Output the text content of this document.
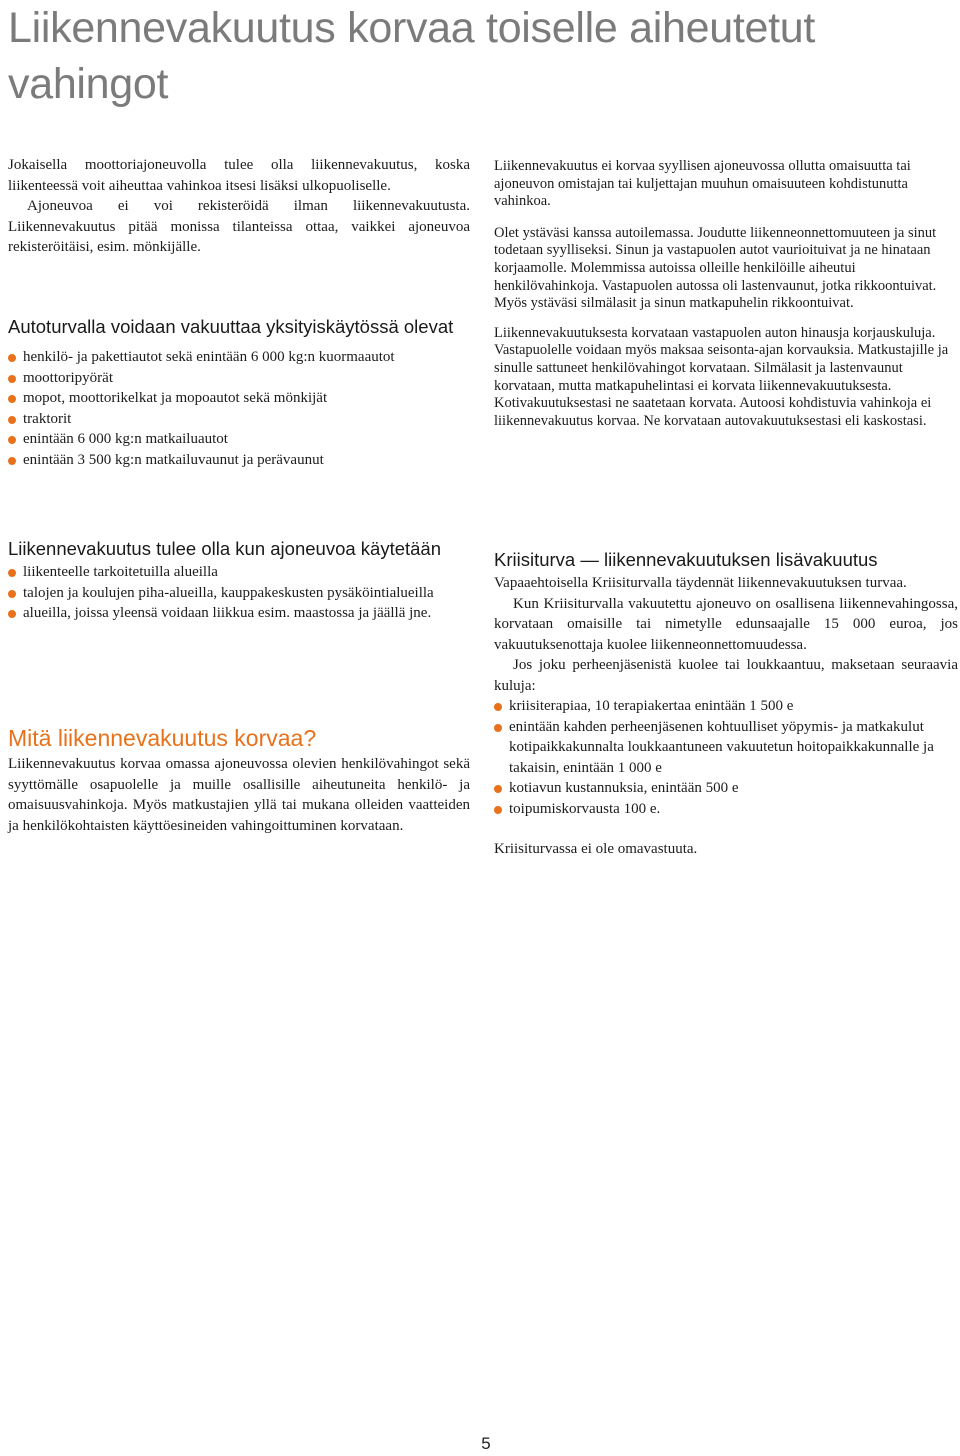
Liikennevakuutus korvaa toiselle aiheutetut vahingot

Jokaisella moottoriajoneuvolla tulee olla liikennevakuutus, koska liikenteessä voit aiheuttaa vahinkoa itsesi lisäksi ulkopuoliselle.

Ajoneuvoa ei voi rekisteröidä ilman liikennevakuutusta. Liikennevakuutus pitää monissa tilanteissa ottaa, vaikkei ajoneuvoa rekisteröitäisi, esim. mönkijälle.

Autoturvalla voidaan vakuuttaa yksityiskäytössä olevat
henkilö- ja pakettiautot sekä enintään 6 000 kg:n kuormaautot
moottoripyörät
mopot, moottorikelkat ja mopoautot sekä mönkijät
traktorit
enintään 6 000 kg:n matkailuautot
enintään 3 500 kg:n matkailuvaunut ja perävaunut
Liikennevakuutus tulee olla kun ajoneuvoa käytetään
liikenteelle tarkoitetuilla alueilla
talojen ja koulujen piha-alueilla, kauppakeskusten pysäköintialueilla
alueilla, joissa yleensä voidaan liikkua esim. maastossa ja jäällä jne.
Mitä liikennevakuutus korvaa?

Liikennevakuutus korvaa omassa ajoneuvossa olevien henkilövahingot sekä syyttömälle osapuolelle ja muille osallisille aiheutuneita henkilö- ja omaisuusvahinkoja. Myös matkustajien yllä tai mukana olleiden vaatteiden ja henkilökohtaisten käyttöesineiden vahingoittuminen korvataan.

Liikennevakuutus ei korvaa syyllisen ajoneuvossa ollutta omaisuutta tai ajoneuvon omistajan tai kuljettajan muuhun omaisuuteen kohdistunutta vahinkoa.

Olet ystäväsi kanssa autoilemassa. Jouduttе liikenneonnettomuuteen ja sinut todetaan syylliseksi. Sinun ja vastapuolen autot vaurioituivat ja ne hinataan korjaamolle. Molemmissa autoissa olleille henkilöille aiheutui henkilövahinkoja. Vastapuolen autossa oli lastenvaunut, jotka rikkoontuivat. Myös ystäväsi silmälasit ja sinun matkapuhelin rikkoontuivat.

Liikennevakuutuksesta korvataan vastapuolen auton hinausja korjauskuluja. Vastapuolelle voidaan myös maksaa seisonta-ajan korvauksia. Matkustajille ja sinulle sattuneet henkilövahingot korvataan. Silmälasit ja lastenvaunut korvataan, mutta matkapuhelintasi ei korvata liikennevakuutuksesta. Kotivakuutuksestasi ne saatetaan korvata. Autoosi kohdistuvia vahinkoja ei liikennevakuutus korvaa. Ne korvataan autovakuutuksestasi eli kaskostasi.

Kriisiturva — liikennevakuutuksen lisävakuutus

Vapaaehtoisella Kriisiturvalla täydennät liikennevakuutuksen turvaa.

Kun Kriisiturvalla vakuutettu ajoneuvo on osallisena liikennevahingossa, korvataan omaisille tai nimetylle edunsaajalle 15 000 euroa, jos vakuutuksenottaja kuolee liikenneonnettomuudessa.

Jos joku perheenjäsenistä kuolee tai loukkaantuu, maksetaan seuraavia kuluja:

kriisiterapiaa, 10 terapiakertaa enintään 1 500 e
enintään kahden perheenjäsenen kohtuulliset yöpymis- ja matkakulut kotipaikkakunnalta loukkaantuneen vakuutetun hoitopaikkakunnalle ja takaisin, enintään 1 000 e
kotiavun kustannuksia, enintään 500 e
toipumiskorvausta 100 e.

Kriisiturvassa ei ole omavastuuta.

5
